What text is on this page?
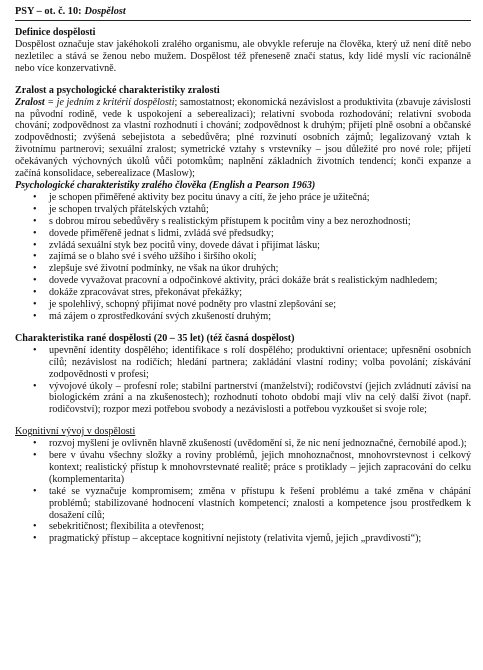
PSY – ot. č. 10: Dospělost
Definice dospělosti

Dospělost označuje stav jakéhokoli zralého organismu, ale obvykle referuje na člověka, který už není dítě nebo nezletilec a stává se ženou nebo mužem. Dospělost též přeneseně značí status, kdy lidé myslí víc racionálně nebo více konzervativně.

Zralost a psychologické charakteristiky zralosti

Zralost = je jedním z kritérií dospělosti; samostatnost; ekonomická nezávislost a produktivita (zbavuje závislosti na původní rodině, vede k uspokojení a seberealizaci); relativní svoboda rozhodování; relativní svoboda chování; zodpovědnost za vlastní rozhodnutí i chování; zodpovědnost k druhým; přijetí plně osobní a občanské zodpovědnosti; zvýšená sebejistota a sebedůvěra; plné rozvinutí osobních zájmů; legalizovaný vztah k životnímu partnerovi; sexuální zralost; symetrické vztahy s vrstevníky – jsou důležité pro nové role; přijetí očekávaných výchovných úkolů vůči potomkům; naplnění základních životních tendencí; konči expanze a začíná konsolidace, seberealizace (Maslow);

Psychologické charakteristiky zralého člověka (English a Pearson 1963)
• je schopen přiměřené aktivity bez pocitu únavy a cítí, že jeho práce je užitečná;
• je schopen trvalých přátelských vztahů;
• s dobrou mírou sebedůvěry s realistickým přístupem k pocitům viny a bez nerozhodnosti;
• dovede přiměřeně jednat s lidmi, zvládá své předsudky;
• zvládá sexuální styk bez pocitů viny, dovede dávat i přijímat lásku;
• zajímá se o blaho své i svého užšího i širšího okolí;
• zlepšuje své životní podmínky, ne však na úkor druhých;
• dovede vyvažovat pracovní a odpočinkové aktivity, práci dokáže brát s realistickým nadhledem;
• dokáže zpracovávat stres, překonávat překážky;
• je spolehlivý, schopný přijímat nové podněty pro vlastní zlepšování se;
• má zájem o zprostředkování svých zkušeností druhým;
Charakteristika rané dospělosti (20 – 35 let) (též časná dospělost)
• upevnění identity dospělého; identifikace s rolí dospělého; produktivní orientace; upřesnění osobních cílů; nezávislost na rodičích; hledání partnera; zakládání vlastní rodiny; volba povolání; získávání zodpovědnosti v profesi;
• vývojové úkoly – profesní role; stabilní partnerství (manželství); rodičovství (jejich zvládnutí závisí na biologickém zrání a na zkušenostech); rozhodnutí tohoto období mají vliv na celý další život (např. rodičovství); rozpor mezi potřebou svobody a nezávislosti a potřebou vyzkoušet si svoje role;
Kognitivní vývoj v dospělosti
• rozvoj myšlení je ovlivněn hlavně zkušeností (uvědomění si, že nic není jednoznačné, černobílé apod.);
• bere v úvahu všechny složky a roviny problémů, jejich mnohoznačnost, mnohovrstevnost i celkový kontext; realistický přístup k mnohovrstevnaté realitě; práce s protiklady – jejich zapracování do celku (komplementarita)
• také se vyznačuje kompromisem; změna v přístupu k řešení problému a také změna v chápání problémů; stabilizované hodnocení vlastních kompetencí; znalosti a kompetence jsou prostředkem k dosažení cílů;
• sebekritičnost; flexibilita a otevřenost;
• pragmatický přístup – akceptace kognitivní nejistoty (relativita vjemů, jejich „pravdivosti“);
